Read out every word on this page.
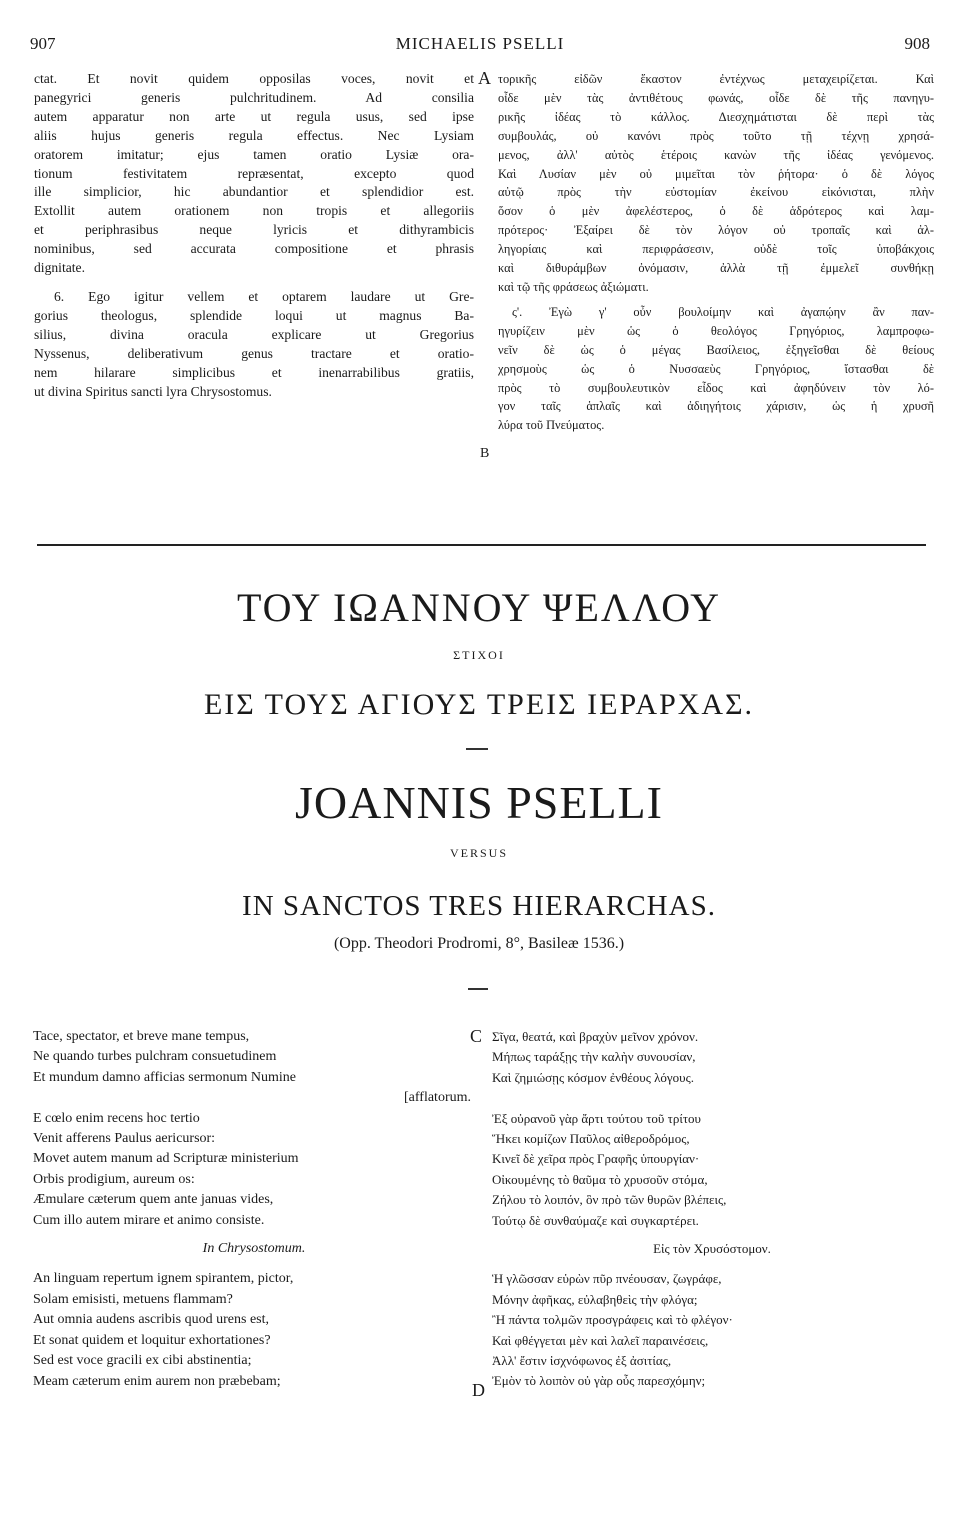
907	MICHAELIS PSELLI	908
ctat. Et novit quidem opposilas voces, novit et
panegyrici generis pulchritudinem. Ad consilia
autem apparatur non arte ut regula usus, sed ipse
aliis hujus generis regula effectus. Nec Lysiam
oratorem imitatur; ejus tamen oratio Lysiæ ora-
tionum festivitatem repræsentat, excepto quod
ille simplicior, hic abundantior et splendidior est.
Extollit autem orationem non tropis et allegoriis
et periphrasibus neque lyricis et dithyrambicis
nominibus, sed accurata compositione et phrasis
dignitate.
6. Ego igitur vellem et optarem laudare ut Gre-
gorius theologus, splendide loqui ut magnus Ba-
silius, divina oracula explicare ut Gregorius
Nyssenus, deliberativum genus tractare et oratio-
nem hilarare simplicibus et inenarrabilibus gratiis,
ut divina Spiritus sancti lyra Chrysostomus.
A
B
τορικῆς εἰδῶν ἕκαστον ἐντέχνως μεταχειρίζεται. Καὶ
οἶδε μὲν τὰς ἀντιθέτους φωνάς, οἶδε δὲ τῆς πανηγυ-
ρικῆς ἰδέας τὸ κάλλος. Διεσχημάτισται δὲ περὶ τὰς
συμβουλάς, οὐ κανόνι πρὸς τοῦτο τῇ τέχνῃ χρησά-
μενος, ἀλλ' αὐτὸς ἑτέροις κανὼν τῆς ἰδέας γενόμενος.
Καὶ Λυσίαν μὲν οὐ μιμεῖται τὸν ῥήτορα· ὁ δὲ λόγος
αὐτῷ πρὸς τὴν εὐστομίαν ἐκείνου εἰκόνισται, πλὴν
ὅσον ὁ μὲν ἀφελέστερος, ὁ δὲ ἁδρότερος καὶ λαμ-
πρότερος· Ἐξαίρει δὲ τὸν λόγον οὐ τροπαῖς καὶ ἀλ-
ληγορίαις καὶ περιφράσεσιν, οὐδὲ τοῖς ὑποβάκχοις
καὶ διθυράμβων ὀνόμασιν, ἀλλὰ τῇ ἐμμελεῖ συνθήκῃ
καὶ τῷ τῆς φράσεως ἀξιώματι.
ς'. Ἐγὼ γ' οὖν βουλοίμην καὶ ἀγαπῴην ἂν παν-
ηγυρίζειν μὲν ὡς ὁ θεολόγος Γρηγόριος, λαμπροφω-
νεῖν δὲ ὡς ὁ μέγας Βασίλειος, ἐξηγεῖσθαι δὲ θείους
χρησμοὺς ὡς ὁ Νυσσαεὺς Γρηγόριος, ἵστασθαι δὲ
πρὸς τὸ συμβουλευτικὸν εἶδος καὶ ἀφηδύνειν τὸν λό-
γον ταῖς ἁπλαῖς καὶ ἀδιηγήτοις χάρισιν, ὡς ἡ χρυσῆ
λύρα τοῦ Πνεύματος.
ΤΟΥ ΙΩΑΝΝΟΥ ΨΕΛΛΟΥ
ΣΤΙΧΟΙ
ΕΙΣ ΤΟΥΣ ΑΓΙΟΥΣ ΤΡΕΙΣ ΙΕΡΑΡΧΑΣ.
JOANNIS PSELLI
VERSUS
IN SANCTOS TRES HIERARCHAS.
(Opp. Theodori Prodromi, 8°, Basileæ 1536.)
C
D
Tace, spectator, et breve mane tempus,
Ne quando turbes pulchram consuetudinem
Et mundum damno afficias sermonum Numine
[afflatorum.
E cœlo enim recens hoc tertio
Venit afferens Paulus aericursor:
Movet autem manum ad Scripturæ ministerium
Orbis prodigium, aureum os:
Æmulare cæterum quem ante januas vides,
Cum illo autem mirare et animo consiste.
In Chrysostomum.
An linguam repertum ignem spirantem, pictor,
Solam emisisti, metuens flammam?
Aut omnia audens ascribis quod urens est,
Et sonat quidem et loquitur exhortationes?
Sed est voce gracili ex cibi abstinentia;
Meam cæterum enim aurem non præbebam;
Σῖγα, θεατά, καὶ βραχὺν μεῖνον χρόνον.
Μήπως ταράξῃς τὴν καλὴν συνουσίαν,
Καὶ ζημιώσῃς κόσμον ἐνθέους λόγους.
Ἐξ οὐρανοῦ γὰρ ἄρτι τούτου τοῦ τρίτου
Ἥκει κομίζων Παῦλος αἰθεροδρόμος,
Κινεῖ δὲ χεῖρα πρὸς Γραφῆς ὑπουργίαν·
Οἰκουμένης τὸ θαῦμα τὸ χρυσοῦν στόμα,
Ζήλου τὸ λοιπόν, ὃν πρὸ τῶν θυρῶν βλέπεις,
Τούτῳ δὲ συνθαύμαζε καὶ συγκαρτέρει.
Εἰς τὸν Χρυσόστομον.
Ἡ γλῶσσαν εὑρὼν πῦρ πνέουσαν, ζωγράφε,
Μόνην ἀφῆκας, εὐλαβηθεὶς τὴν φλόγα;
Ἢ πάντα τολμῶν προσγράφεις καὶ τὸ φλέγον·
Καὶ φθέγγεται μὲν καὶ λαλεῖ παραινέσεις,
Ἀλλ' ἔστιν ἰσχνόφωνος ἐξ ἀσιτίας,
Ἐμὸν τὸ λοιπὸν οὐ γὰρ οὖς παρεσχόμην;
